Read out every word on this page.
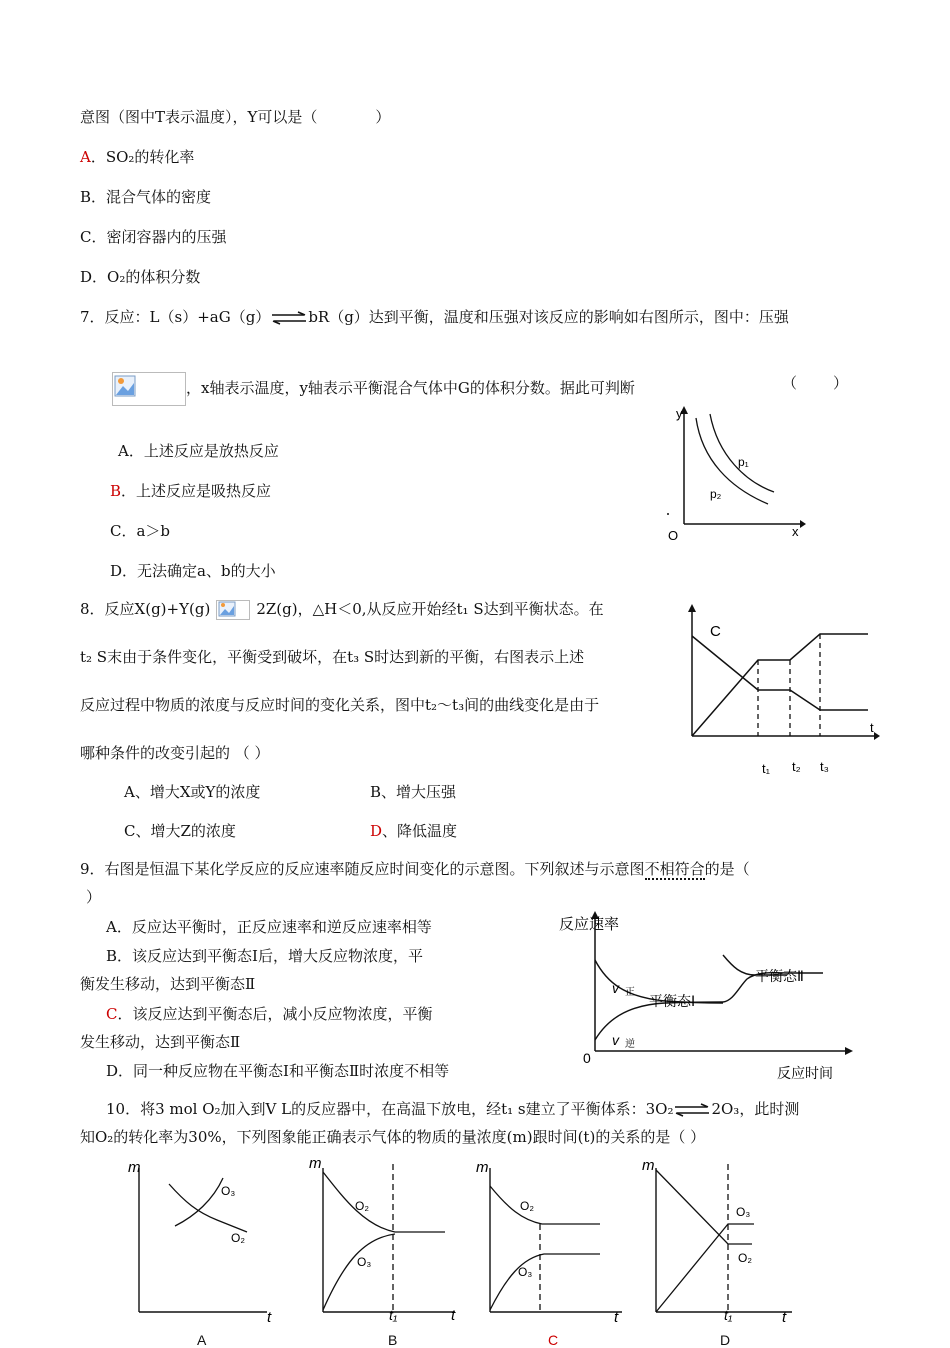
意图（图中T表示温度），Y可以是（	）
A．SO₂的转化率
B．混合气体的密度
C．密闭容器内的压强
D．O₂的体积分数
7．反应：L（s）+aG（g）⇌bR（g）达到平衡，温度和压强对该反应的影响如右图所示，图中：压强
，x轴表示温度，y轴表示平衡混合气体中G的体积分数。据此可判断	（ ）
A．上述反应是放热反应
B．上述反应是吸热反应
C．a＞b
D．无法确定a、b的大小
O
y
x
p₁
p₂
8．反应X(g)+Y(g)	2Z(g)，△H＜0,从反应开始经t₁ S达到平衡状态。在
t₂ S末由于条件变化，平衡受到破坏，在t₃ S时达到新的平衡，右图表示上述
反应过程中物质的浓度与反应时间的变化关系，图中t₂～t₃间的曲线变化是由于
哪种条件的改变引起的 （ ）
A、增大X或Y的浓度	B、增大压强
C、增大Z的浓度	D、降低温度
C
t
t₁ t₂ t₃
9．右图是恒温下某化学反应的反应速率随反应时间变化的示意图。下列叙述与示意图不相符合的是（
）
A．反应达平衡时，正反应速率和逆反应速率相等
B．该反应达到平衡态Ⅰ后，增大反应物浓度，平
衡发生移动，达到平衡态Ⅱ
C．该反应达到平衡态后，减小反应物浓度，平衡
发生移动，达到平衡态Ⅱ
D．同一种反应物在平衡态Ⅰ和平衡态Ⅱ时浓度不相等
反应速率
0
v 正
v 逆
平衡态Ⅰ
平衡态Ⅱ
反应时间
10．将3 mol O₂加入到V L的反应器中，在高温下放电，经t₁ s建立了平衡体系：3O₂⇌2O₃，此时测
知O₂的转化率为30%，下列图象能正确表示气体的物质的量浓度(m)跟时间(t)的关系的是（ ）
m
t
O₃
O₂
A
m
t
t₁
O₂
O₃
B
m
t
O₂
O₃
C
m
t
t₁
O₃
O₂
D
